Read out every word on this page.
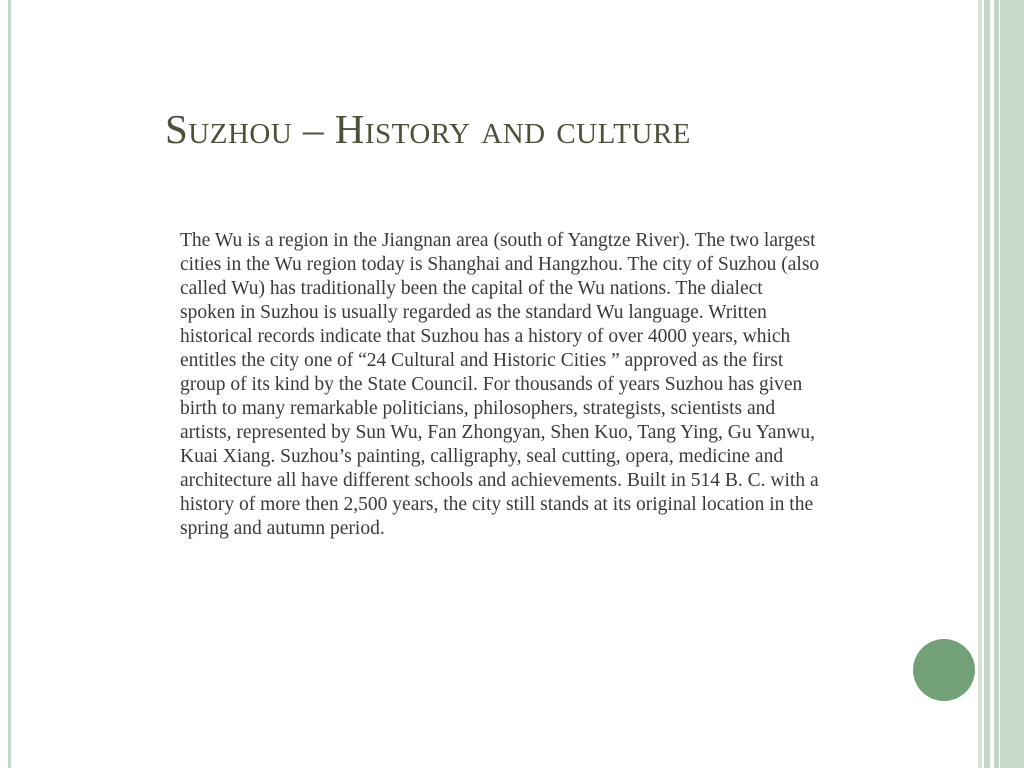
Suzhou – History and culture

The Wu is a region in the Jiangnan area (south of Yangtze River). The two largest cities in the Wu region today is Shanghai and Hangzhou. The city of Suzhou (also called Wu) has traditionally been the capital of the Wu nations. The dialect spoken in Suzhou is usually regarded as the standard Wu language. Written historical records indicate that Suzhou has a history of over 4000 years, which entitles the city one of “24 Cultural and Historic Cities ” approved as the first group of its kind by the State Council. For thousands of years Suzhou has given birth to many remarkable politicians, philosophers, strategists, scientists and artists, represented by Sun Wu, Fan Zhongyan, Shen Kuo, Tang Ying, Gu Yanwu, Kuai Xiang. Suzhou’s painting, calligraphy, seal cutting, opera, medicine and architecture all have different schools and achievements. Built in 514 B. C. with a history of more then 2,500 years, the city still stands at its original location in the spring and autumn period.
